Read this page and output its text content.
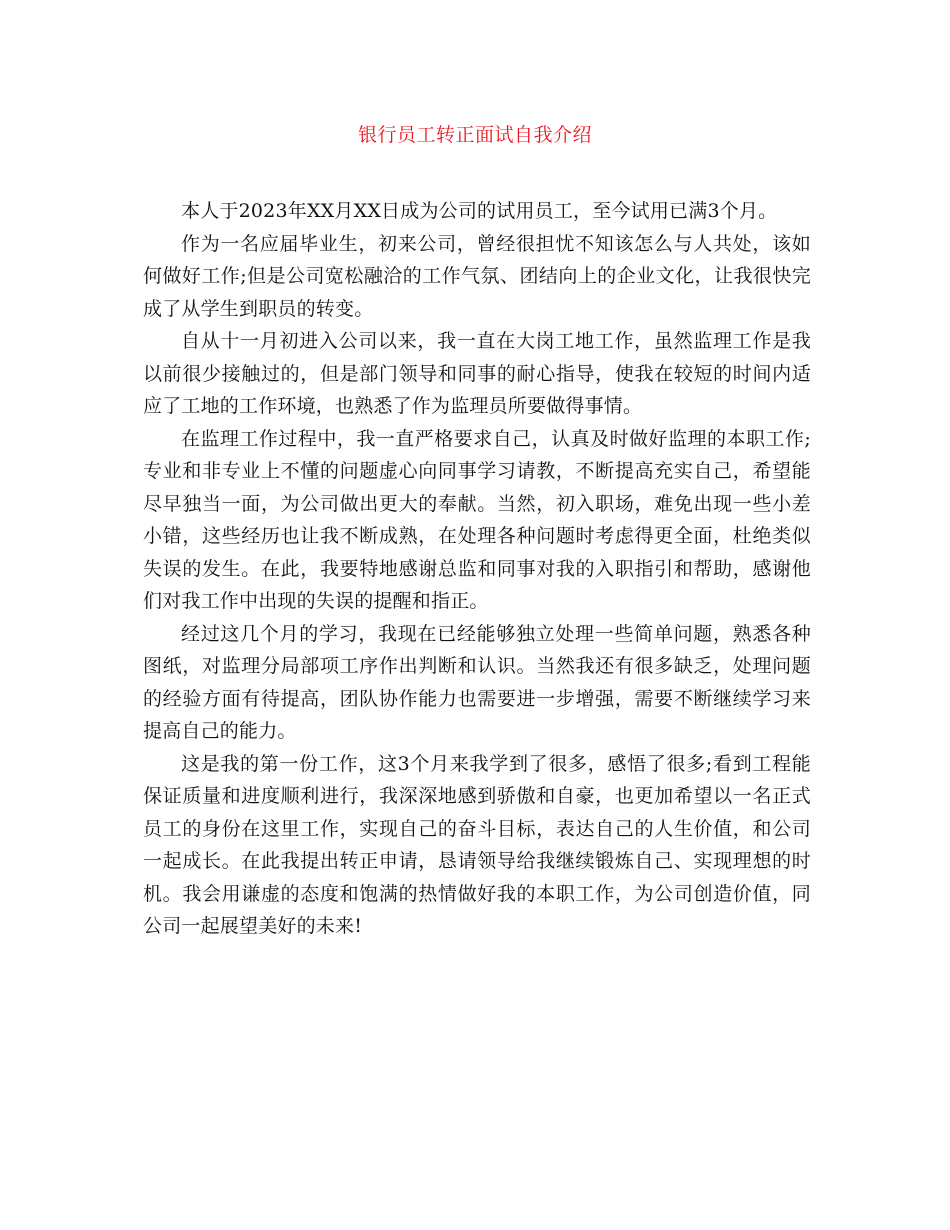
银行员工转正面试自我介绍

本人于2023年XX月XX日成为公司的试用员工，至今试用已满3个月。

作为一名应届毕业生，初来公司，曾经很担忧不知该怎么与人共处，该如何做好工作;但是公司宽松融洽的工作气氛、团结向上的企业文化，让我很快完成了从学生到职员的转变。

自从十一月初进入公司以来，我一直在大岗工地工作，虽然监理工作是我以前很少接触过的，但是部门领导和同事的耐心指导，使我在较短的时间内适应了工地的工作环境，也熟悉了作为监理员所要做得事情。

在监理工作过程中，我一直严格要求自己，认真及时做好监理的本职工作;专业和非专业上不懂的问题虚心向同事学习请教，不断提高充实自己，希望能尽早独当一面，为公司做出更大的奉献。当然，初入职场，难免出现一些小差小错，这些经历也让我不断成熟，在处理各种问题时考虑得更全面，杜绝类似失误的发生。在此，我要特地感谢总监和同事对我的入职指引和帮助，感谢他们对我工作中出现的失误的提醒和指正。

经过这几个月的学习，我现在已经能够独立处理一些简单问题，熟悉各种图纸，对监理分局部项工序作出判断和认识。当然我还有很多缺乏，处理问题的经验方面有待提高，团队协作能力也需要进一步增强，需要不断继续学习来提高自己的能力。

这是我的第一份工作，这3个月来我学到了很多，感悟了很多;看到工程能保证质量和进度顺利进行，我深深地感到骄傲和自豪，也更加希望以一名正式员工的身份在这里工作，实现自己的奋斗目标，表达自己的人生价值，和公司一起成长。在此我提出转正申请，恳请领导给我继续锻炼自己、实现理想的时机。我会用谦虚的态度和饱满的热情做好我的本职工作，为公司创造价值，同公司一起展望美好的未来!
